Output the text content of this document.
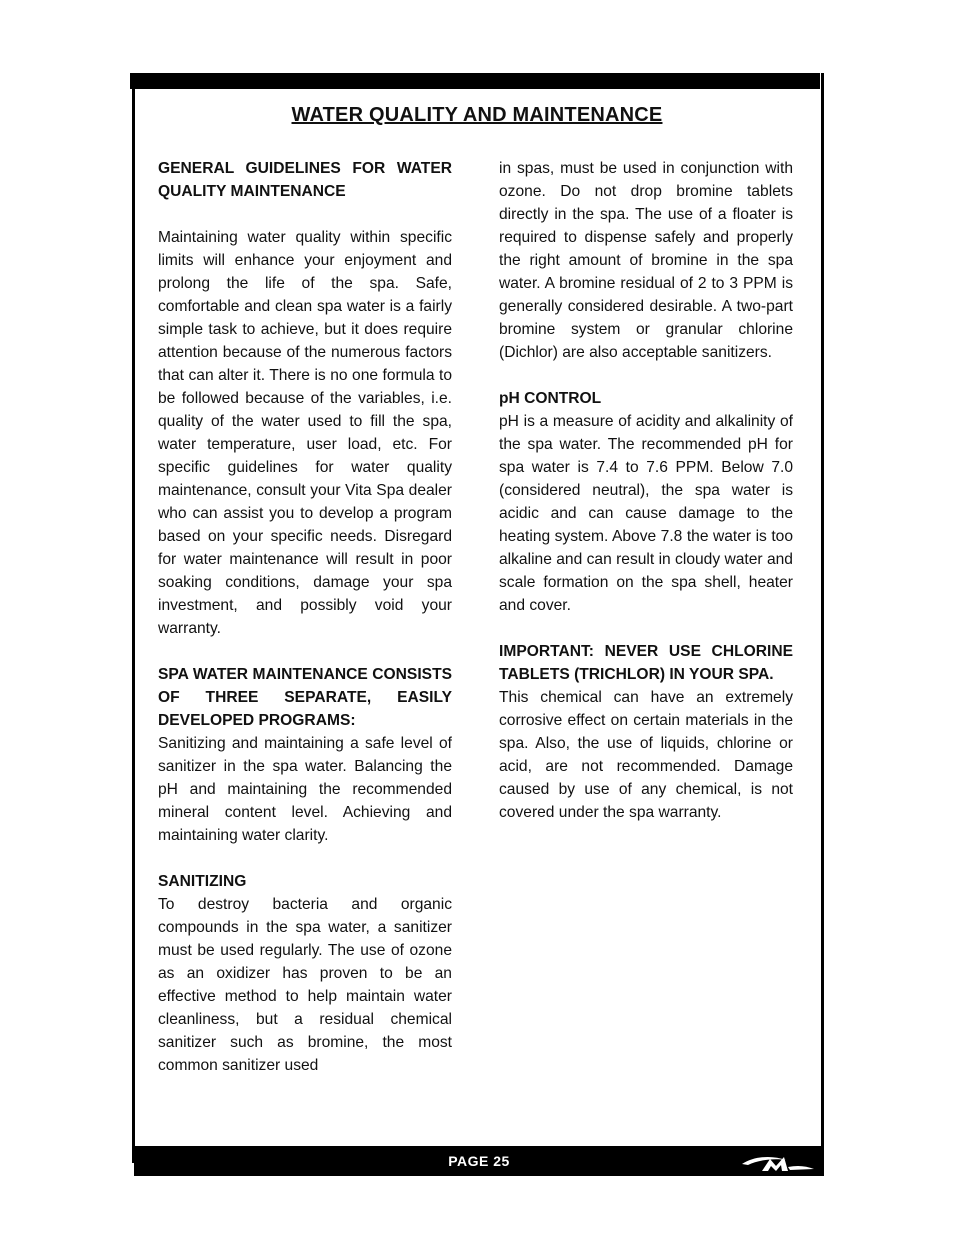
PAGE 25
WATER QUALITY AND MAINTENANCE
GENERAL GUIDELINES FOR WATER QUALITY MAINTENANCE

Maintaining water quality within specific limits will enhance your enjoyment and prolong the life of the spa. Safe, comfortable and clean spa water is a fairly simple task to achieve, but it does require attention because of the numerous factors that can alter it. There is no one formula to be followed because of the variables, i.e. quality of the water used to fill the spa, water temperature, user load, etc. For specific guidelines for water quality maintenance, consult your Vita Spa dealer who can assist you to develop a program based on your specific needs. Disregard for water maintenance will result in poor soaking conditions, damage your spa investment, and possibly void your warranty.

SPA WATER MAINTENANCE CONSISTS OF THREE SEPARATE, EASILY DEVELOPED PROGRAMS:

Sanitizing and maintaining a safe level of sanitizer in the spa water. Balancing the pH and maintaining the recommended mineral content level. Achieving and maintaining water clarity.

SANITIZING

To destroy bacteria and organic compounds in the spa water, a sanitizer must be used regularly. The use of ozone as an oxidizer has proven to be an effective method to help maintain water cleanliness, but a residual chemical sanitizer such as bromine, the most common sanitizer used

in spas, must be used in conjunction with ozone. Do not drop bromine tablets directly in the spa. The use of a floater is required to dispense safely and properly the right amount of bromine in the spa water. A bromine residual of 2 to 3 PPM is generally considered desirable. A two-part bromine system or granular chlorine (Dichlor) are also acceptable sanitizers.

pH CONTROL

pH is a measure of acidity and alkalinity of the spa water. The recommended pH for spa water is 7.4 to 7.6 PPM. Below 7.0 (considered neutral), the spa water is acidic and can cause damage to the heating system. Above 7.8 the water is too alkaline and can result in cloudy water and scale formation on the spa shell, heater and cover.

IMPORTANT: NEVER USE CHLORINE TABLETS (TRICHLOR) IN YOUR SPA.

This chemical can have an extremely corrosive effect on certain materials in the spa. Also, the use of liquids, chlorine or acid, are not recommended. Damage caused by use of any chemical, is not covered under the spa warranty.
